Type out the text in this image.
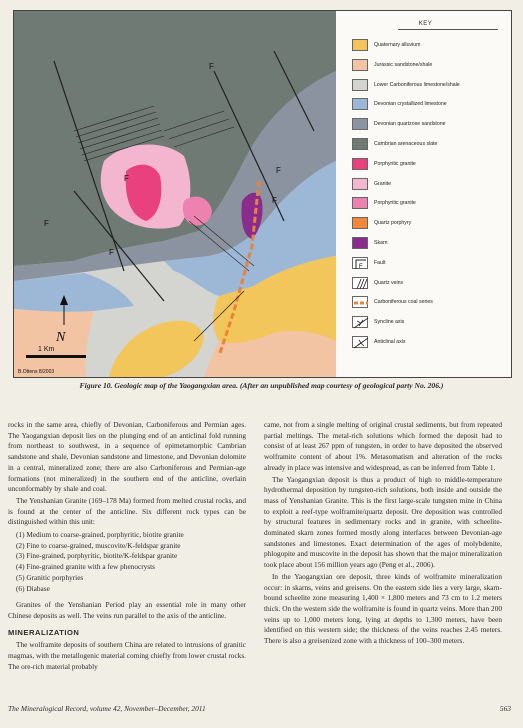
F
F
F
F
F
F
N
1 Km
B.Ottens 8/2003
KEY
Quaternary alluvium
Jurassic sandstone/shale
Lower Carboniferous limestone/shale
Devonian crystallized limestone
Devonian quartzose sandstone
Cambrian arenaceous slate
Porphyritic granite
Granite
Porphyritic granite
Quartz porphyry
Skarn
F
Fault
Quartz veins
Carboniferous coal series
Syncline axis
Anticlinal axis
Figure 10. Geologic map of the Yaogangxian area. (After an unpublished map courtesy of geological party No. 206.)

rocks in the same area, chiefly of Devonian, Carboniferous and Permian ages. The Yaogangxian deposit lies on the plunging end of an anticlinal fold running from northeast to southwest, in a sequence of epimetamorphic Cambrian sandstone and shale, Devonian sandstone and limestone, and Devonian dolomite in a central, mineralized zone; there are also Carboniferous and Permian-age formations (not mineralized) in the southern end of the anticline, overlain unconformably by shale and coal.

The Yenshanian Granite (169–178 Ma) formed from melted crustal rocks, and is found at the center of the anticline. Six different rock types can be distinguished within this unit:

(1) Medium to coarse-grained, porphyritic, biotite granite
(2) Fine to coarse-grained, muscovite/K-feldspar granite
(3) Fine-grained, porphyritic, biotite/K-feldspar granite
(4) Fine-grained granite with a few phenocrysts
(5) Granitic porphyries
(6) Diabase

Granites of the Yenshanian Period play an essential role in many other Chinese deposits as well. The veins run parallel to the axis of the anticline.

MINERALIZATION

The wolframite deposits of southern China are related to intrusions of granitic magmas, with the metallogenic material coming chiefly from lower crustal rocks. The ore-rich material probably

came, not from a single melting of original crustal sediments, but from repeated partial meltings. The metal-rich solutions which formed the deposit had to consist of at least 267 ppm of tungsten, in order to have deposited the observed wolframite content of about 1%. Metasomatism and alteration of the rocks already in place was intensive and widespread, as can be inferred from Table 1.

The Yaogangxian deposit is thus a product of high to middle-temperature hydrothermal deposition by tungsten-rich solutions, both inside and outside the mass of Yenshanian Granite. This is the first large-scale tungsten mine in China to exploit a reef-type wolframite/quartz deposit. Ore deposition was controlled by structural features in sedimentary rocks and in granite, with scheelite-dominated skarn zones formed mostly along interfaces between Devonian-age sandstones and limestones. Exact determination of the ages of molybdenite, phlogopite and muscovite in the deposit has shown that the major mineralization took place about 156 million years ago (Peng et al., 2006).

In the Yaogangxian ore deposit, three kinds of wolframite mineralization occur: in skarns, veins and greisens. On the eastern side lies a very large, skarn-bound scheelite zone measuring 1,400 × 1,800 meters and 73 cm to 1.2 meters thick. On the western side the wolframite is found in quartz veins. More than 200 veins up to 1,000 meters long, lying at depths to 1,300 meters, have been identified on this western side; the thickness of the veins reaches 2.45 meters. There is also a greisenized zone with a thickness of 100–300 meters.

The Mineralogical Record, volume 42, November–December, 2011	563
